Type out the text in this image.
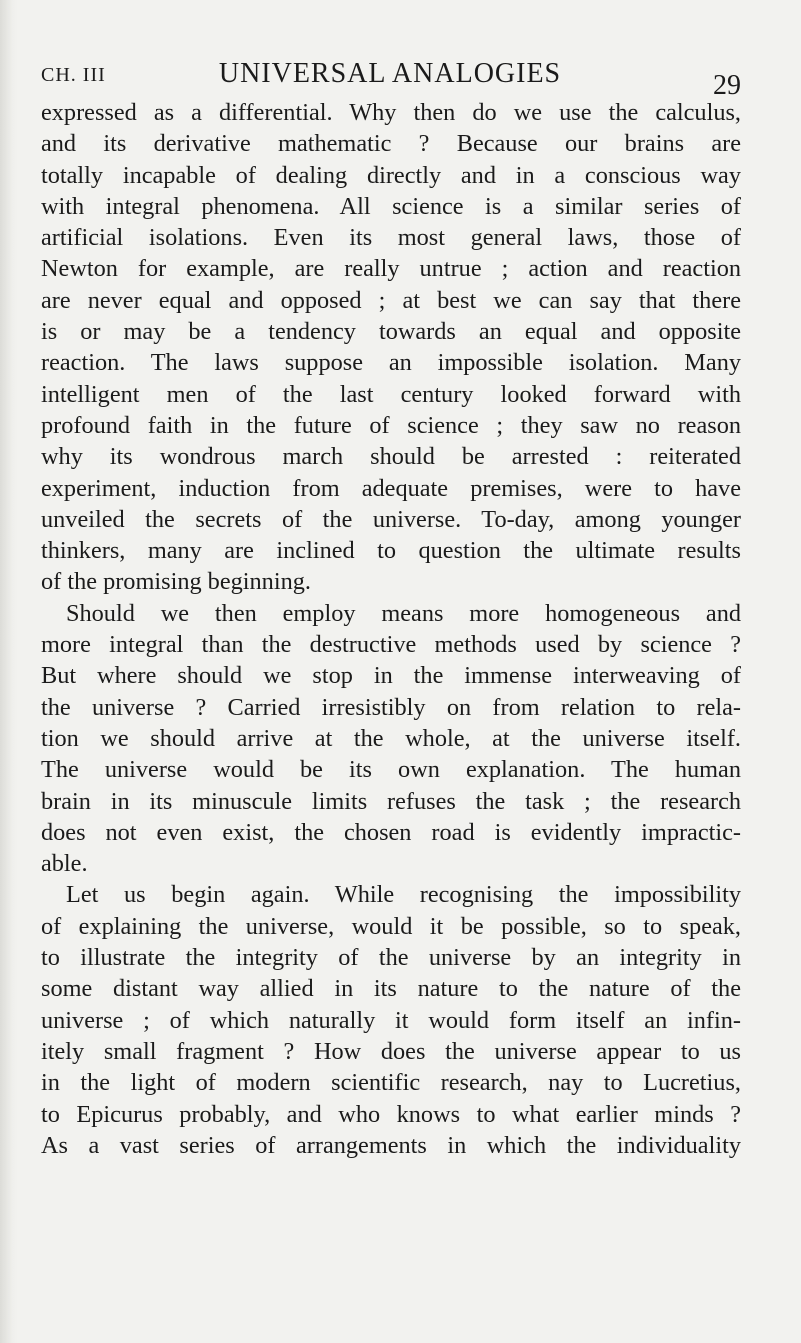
CH. III	UNIVERSAL ANALOGIES	29
expressed as a differential. Why then do we use the calculus,
and its derivative mathematic ? Because our brains are
totally incapable of dealing directly and in a conscious way
with integral phenomena. All science is a similar series of
artificial isolations. Even its most general laws, those of
Newton for example, are really untrue ; action and reaction
are never equal and opposed ; at best we can say that there
is or may be a tendency towards an equal and opposite
reaction. The laws suppose an impossible isolation. Many
intelligent men of the last century looked forward with
profound faith in the future of science ; they saw no reason
why its wondrous march should be arrested : reiterated
experiment, induction from adequate premises, were to have
unveiled the secrets of the universe. To-day, among younger
thinkers, many are inclined to question the ultimate results
of the promising beginning.
Should we then employ means more homogeneous and
more integral than the destructive methods used by science ?
But where should we stop in the immense interweaving of
the universe ? Carried irresistibly on from relation to rela-
tion we should arrive at the whole, at the universe itself.
The universe would be its own explanation. The human
brain in its minuscule limits refuses the task ; the research
does not even exist, the chosen road is evidently impractic-
able.
Let us begin again. While recognising the impossibility
of explaining the universe, would it be possible, so to speak,
to illustrate the integrity of the universe by an integrity in
some distant way allied in its nature to the nature of the
universe ; of which naturally it would form itself an infin-
itely small fragment ? How does the universe appear to us
in the light of modern scientific research, nay to Lucretius,
to Epicurus probably, and who knows to what earlier minds ?
As a vast series of arrangements in which the individuality
